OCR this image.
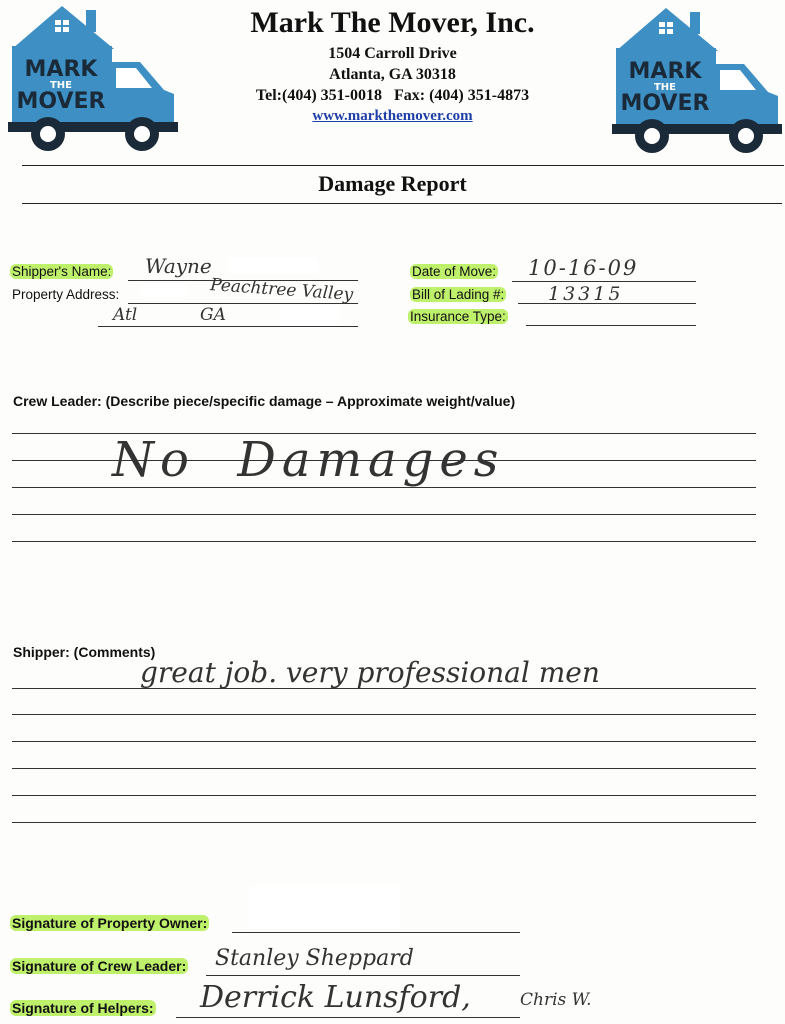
MARK
THE
MOVER
MARK
THE
MOVER
Mark The Mover, Inc.
1504 Carroll Drive
Atlanta, GA 30318
Tel:(404) 351-0018   Fax: (404) 351-4873
www.markthemover.com
Damage Report
Shipper's Name: Wayne
Property Address:	Peachtree Valley
Atl	GA
Date of Move: 10-16-09
Bill of Lading #: 13315
Insurance Type:
Crew Leader: (Describe piece/specific damage – Approximate weight/value)
No  Damages
Shipper: (Comments)
great job. very professional men
Signature of Property Owner:
Signature of Crew Leader: Stanley Sheppard
Signature of Helpers: Derrick Lunsford,	Chris W.
